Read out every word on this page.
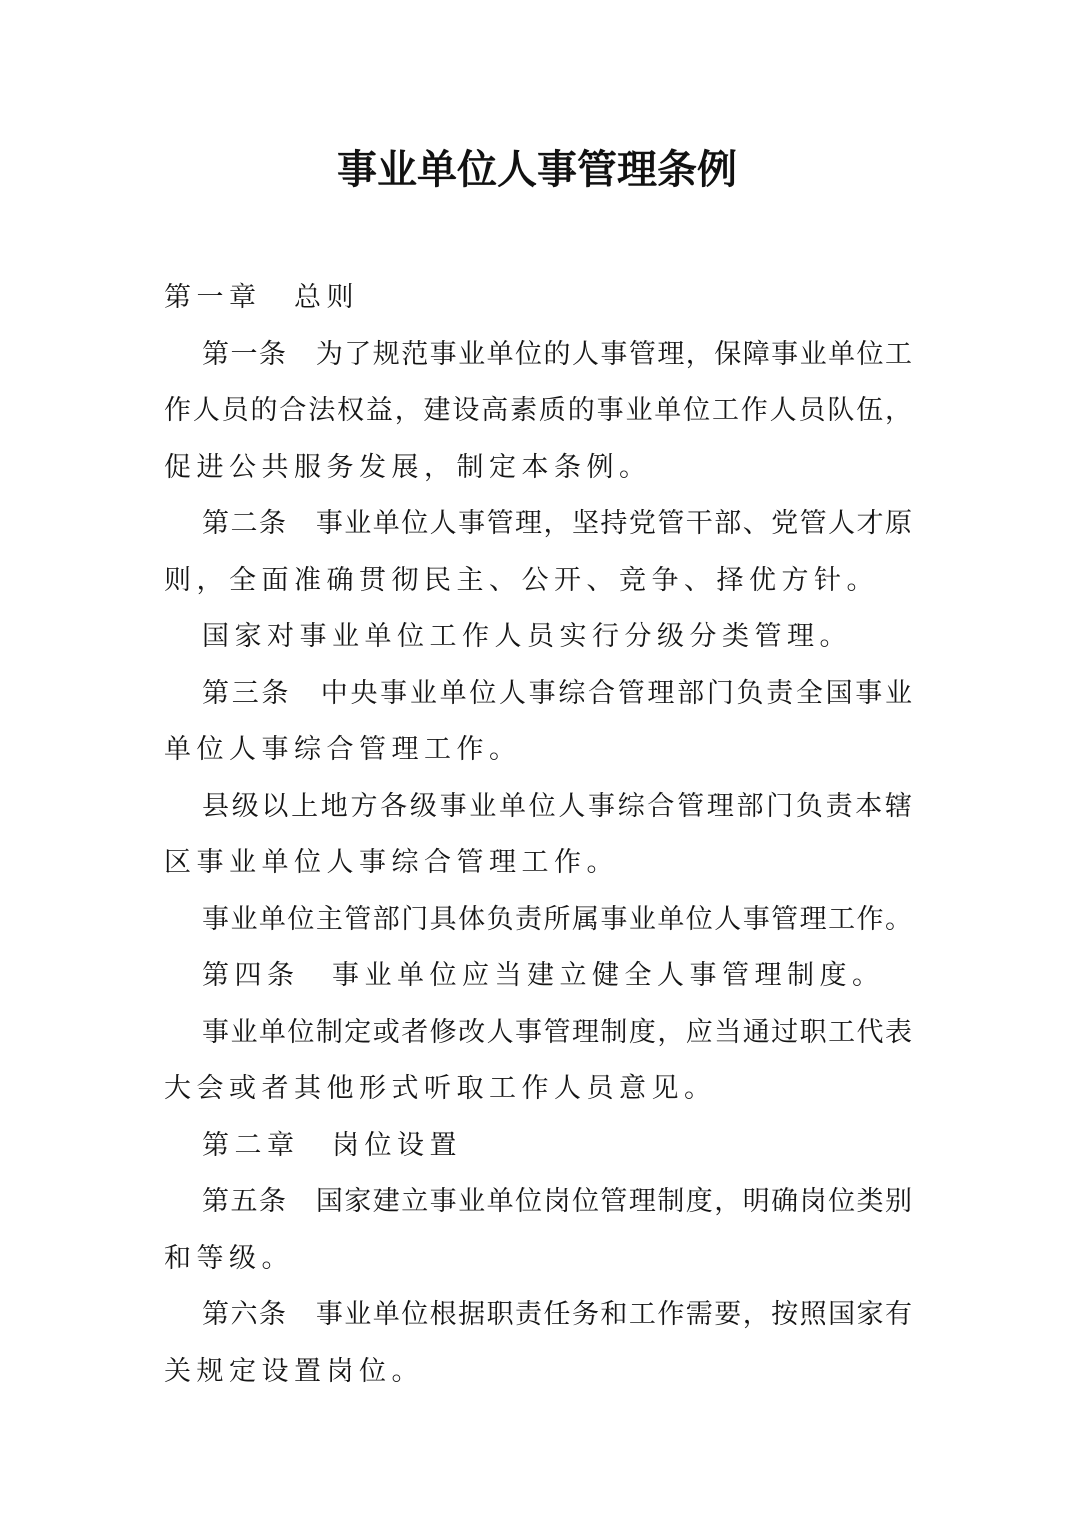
事业单位人事管理条例
第一章　总则
第一条　为了规范事业单位的人事管理，保障事业单位工
作人员的合法权益，建设高素质的事业单位工作人员队伍，
促进公共服务发展，制定本条例。
第二条　事业单位人事管理，坚持党管干部、党管人才原
则，全面准确贯彻民主、公开、竞争、择优方针。
国家对事业单位工作人员实行分级分类管理。
第三条　中央事业单位人事综合管理部门负责全国事业
单位人事综合管理工作。
县级以上地方各级事业单位人事综合管理部门负责本辖
区事业单位人事综合管理工作。
事业单位主管部门具体负责所属事业单位人事管理工作。
第四条　事业单位应当建立健全人事管理制度。
事业单位制定或者修改人事管理制度，应当通过职工代表
大会或者其他形式听取工作人员意见。
第二章　岗位设置
第五条　国家建立事业单位岗位管理制度，明确岗位类别
和等级。
第六条　事业单位根据职责任务和工作需要，按照国家有
关规定设置岗位。
